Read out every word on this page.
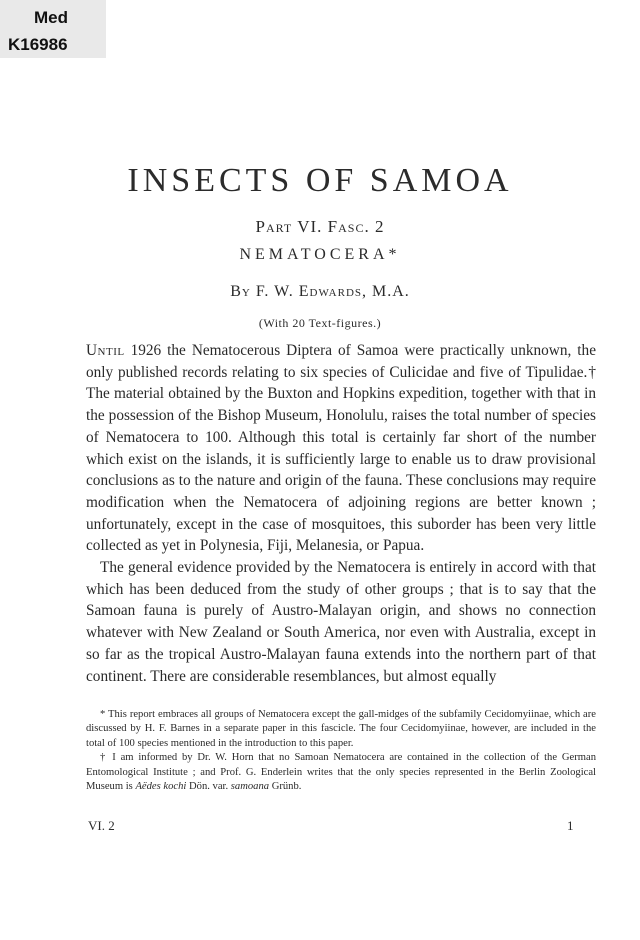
Med
K16986
INSECTS OF SAMOA
Part VI. Fasc. 2
NEMATOCERA*
By F. W. Edwards, M.A.
(With 20 Text-figures.)

Until 1926 the Nematocerous Diptera of Samoa were practically unknown, the only published records relating to six species of Culicidae and five of Tipulidae.† The material obtained by the Buxton and Hopkins expedition, together with that in the possession of the Bishop Museum, Honolulu, raises the total number of species of Nematocera to 100. Although this total is certainly far short of the number which exist on the islands, it is sufficiently large to enable us to draw provisional conclusions as to the nature and origin of the fauna. These conclusions may require modification when the Nematocera of adjoining regions are better known ; unfortunately, except in the case of mosquitoes, this suborder has been very little collected as yet in Polynesia, Fiji, Melanesia, or Papua.

The general evidence provided by the Nematocera is entirely in accord with that which has been deduced from the study of other groups ; that is to say that the Samoan fauna is purely of Austro-Malayan origin, and shows no connection whatever with New Zealand or South America, nor even with Australia, except in so far as the tropical Austro-Malayan fauna extends into the northern part of that continent. There are considerable resemblances, but almost equally

* This report embraces all groups of Nematocera except the gall-midges of the subfamily Cecidomyiinae, which are discussed by H. F. Barnes in a separate paper in this fascicle. The four Cecidomyiinae, however, are included in the total of 100 species mentioned in the introduction to this paper.

† I am informed by Dr. W. Horn that no Samoan Nematocera are contained in the collection of the German Entomological Institute ; and Prof. G. Enderlein writes that the only species represented in the Berlin Zoological Museum is Aëdes kochi Dön. var. samoana Grünb.

VI. 2	1
